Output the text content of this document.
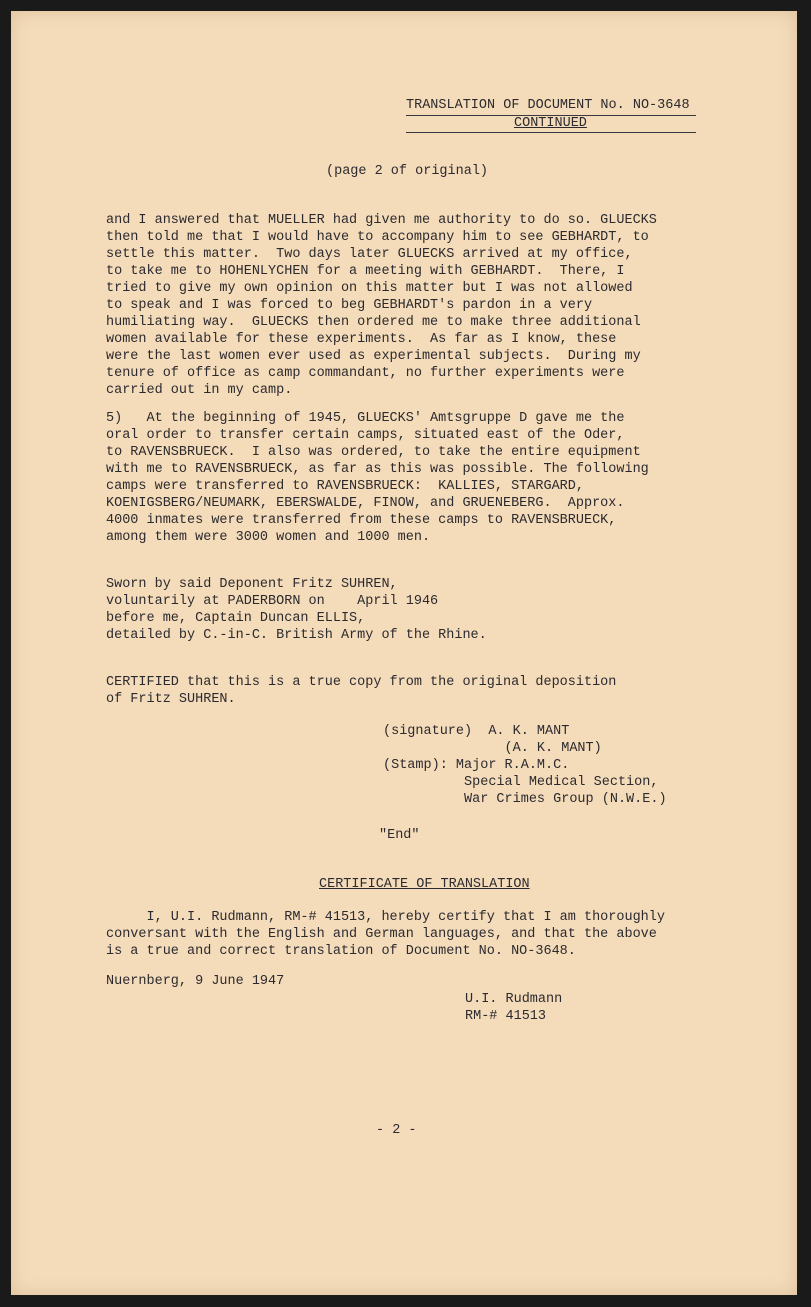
TRANSLATION OF DOCUMENT No. NO-3648
CONTINUED
(page 2 of original)
and I answered that MUELLER had given me authority to do so. GLUECKS
then told me that I would have to accompany him to see GEBHARDT, to
settle this matter.  Two days later GLUECKS arrived at my office,
to take me to HOHENLYCHEN for a meeting with GEBHARDT.  There, I
tried to give my own opinion on this matter but I was not allowed
to speak and I was forced to beg GEBHARDT's pardon in a very
humiliating way.  GLUECKS then ordered me to make three additional
women available for these experiments.  As far as I know, these
were the last women ever used as experimental subjects.  During my
tenure of office as camp commandant, no further experiments were
carried out in my camp.
5)   At the beginning of 1945, GLUECKS' Amtsgruppe D gave me the
oral order to transfer certain camps, situated east of the Oder,
to RAVENSBRUECK.  I also was ordered, to take the entire equipment
with me to RAVENSBRUECK, as far as this was possible. The following
camps were transferred to RAVENSBRUECK:  KALLIES, STARGARD,
KOENIGSBERG/NEUMARK, EBERSWALDE, FINOW, and GRUENEBERG.  Approx.
4000 inmates were transferred from these camps to RAVENSBRUECK,
among them were 3000 women and 1000 men.
Sworn by said Deponent Fritz SUHREN,
voluntarily at PADERBORN on    April 1946
before me, Captain Duncan ELLIS,
detailed by C.-in-C. British Army of the Rhine.
CERTIFIED that this is a true copy from the original deposition
of Fritz SUHREN.
(signature)  A. K. MANT
(A. K. MANT)
(Stamp): Major R.A.M.C.
Special Medical Section,
War Crimes Group (N.W.E.)
"End"
CERTIFICATE OF TRANSLATION
I, U.I. Rudmann, RM-# 41513, hereby certify that I am thoroughly
conversant with the English and German languages, and that the above
is a true and correct translation of Document No. NO-3648.
Nuernberg, 9 June 1947
U.I. Rudmann
RM-# 41513
- 2 -
